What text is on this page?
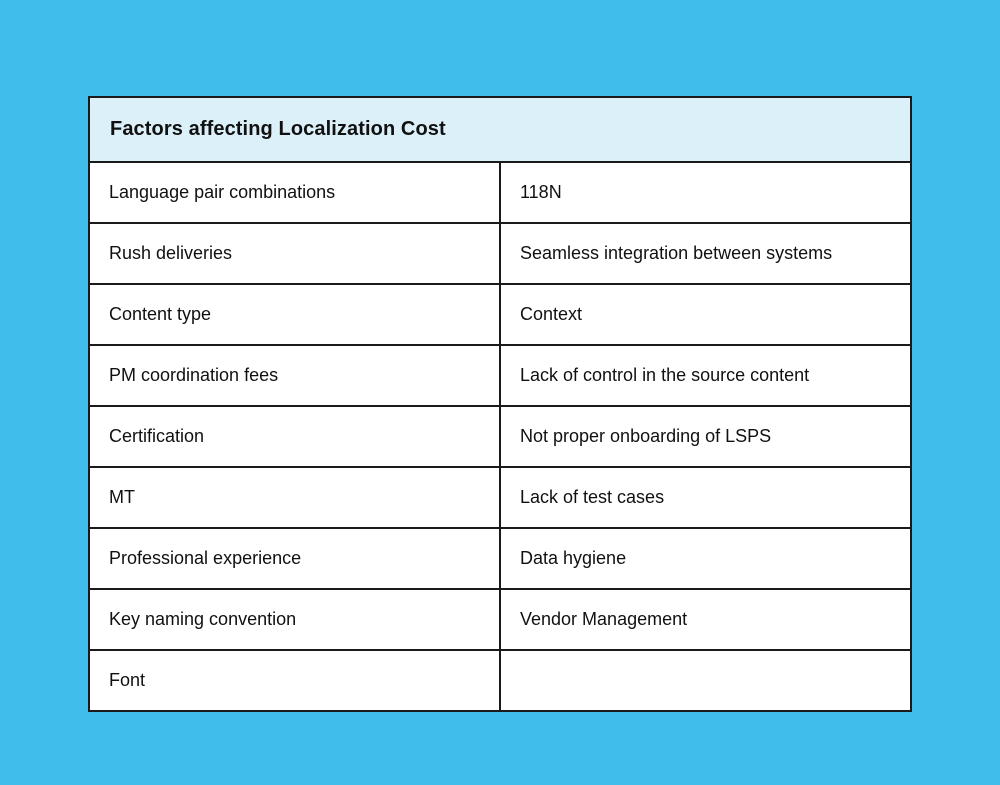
Factors affecting Localization Cost	
Language pair combinations	118N
Rush deliveries	Seamless integration between systems
Content type	Context
PM coordination fees	Lack of control in the source content
Certification	Not proper onboarding of LSPS
MT	Lack of test cases
Professional experience	Data hygiene
Key naming convention	Vendor Management
Font	
